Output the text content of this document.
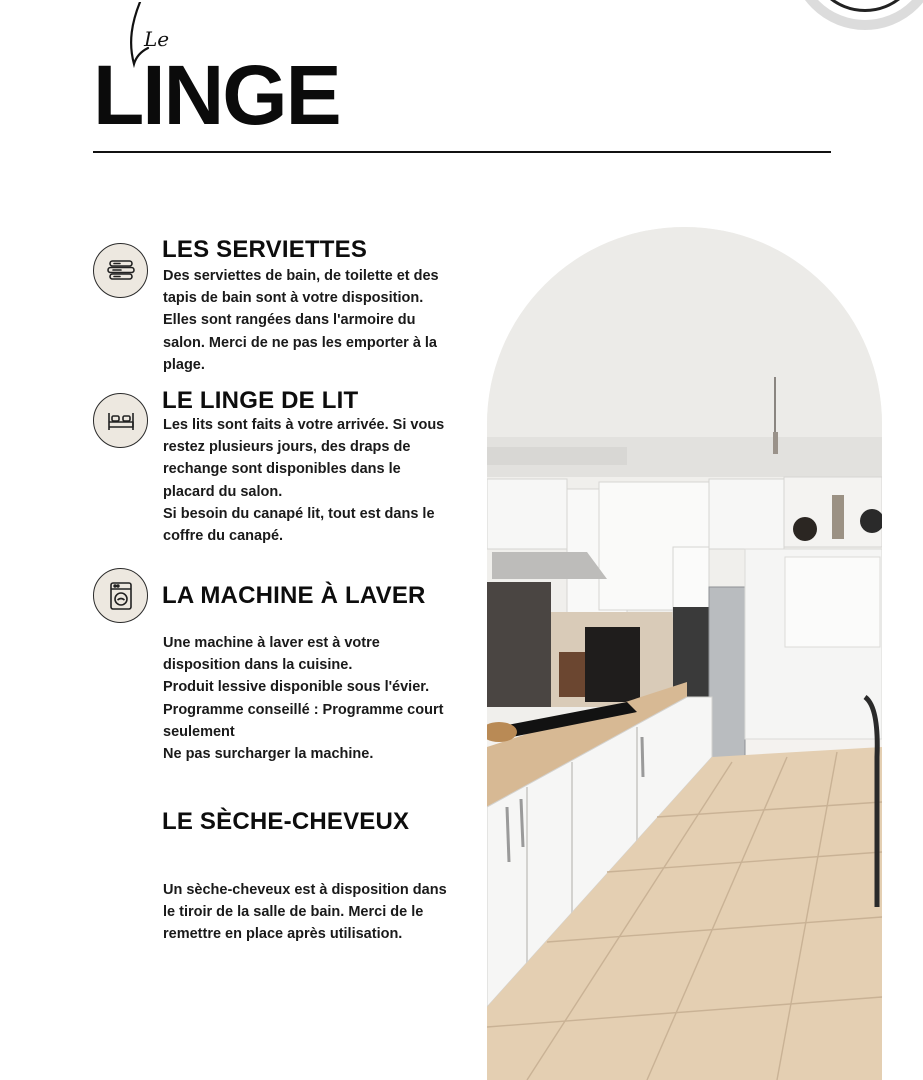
Le
LINGE
LES SERVIETTES

Des serviettes de bain, de toilette et des
tapis de bain sont à votre disposition.
Elles sont rangées dans l'armoire du
salon. Merci de ne pas les emporter à la
plage.

LE LINGE DE LIT

Les lits sont faits à votre arrivée. Si vous
restez plusieurs jours, des draps de
rechange sont disponibles dans le
placard du salon.
Si besoin du canapé lit, tout est dans le
coffre du canapé.

LA MACHINE À LAVER

Une machine à laver est à votre
disposition dans la cuisine.
Produit lessive disponible sous l'évier.
Programme conseillé : Programme court
seulement
Ne pas surcharger la machine.

LE SÈCHE-CHEVEUX

Un sèche-cheveux est à disposition dans
le tiroir de la salle de bain. Merci de le
remettre en place après utilisation.
